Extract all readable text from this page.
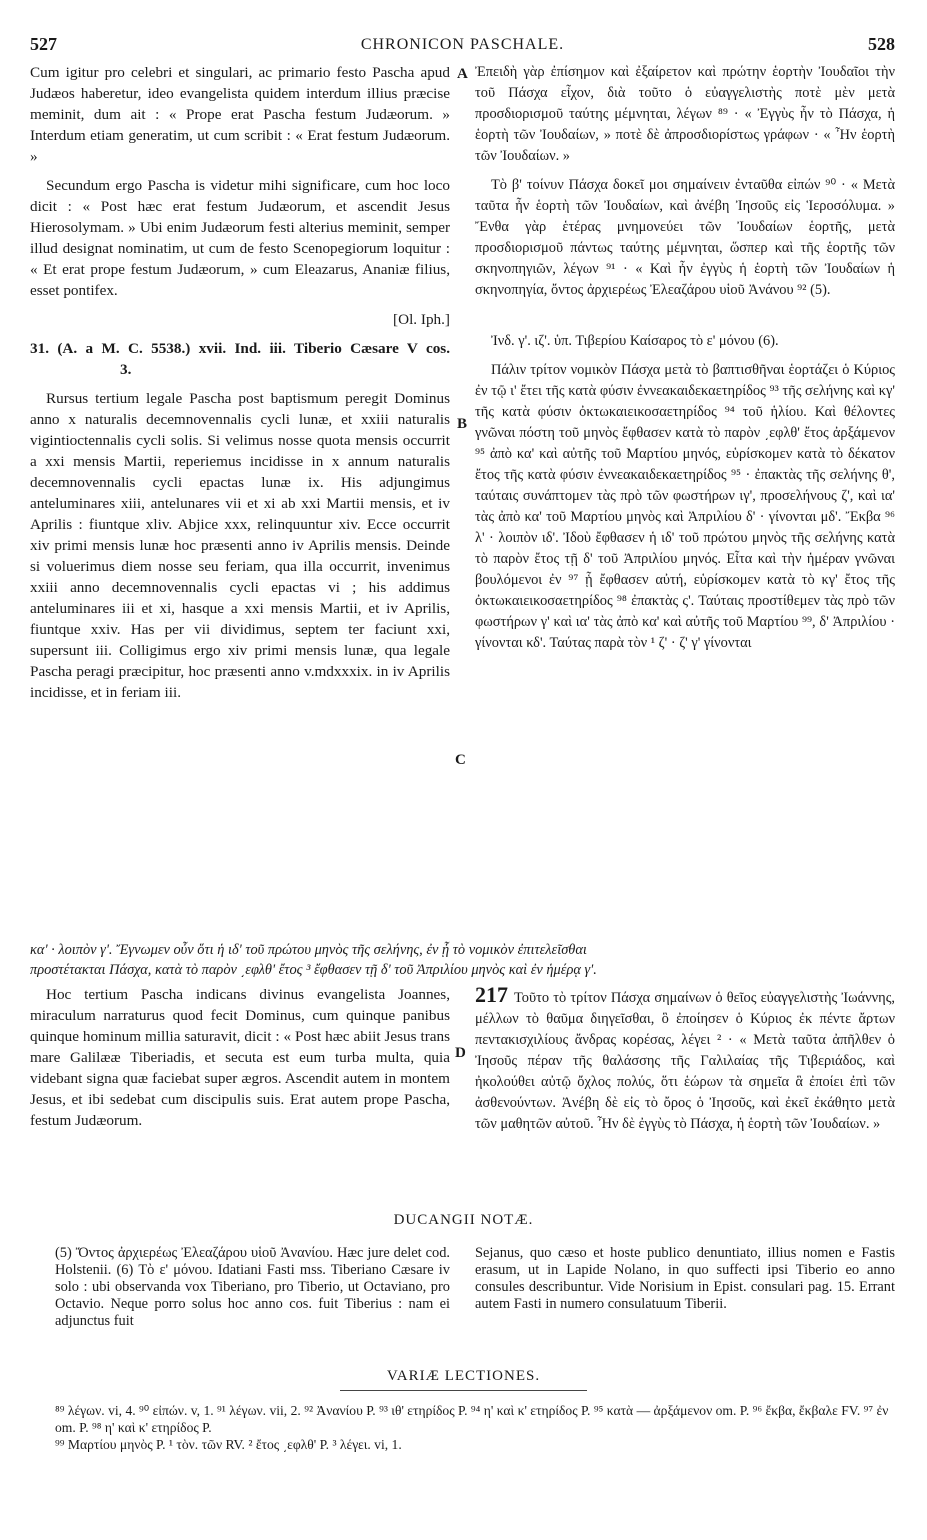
527	CHRONICON PASCHALE.	528

Cum igitur pro celebri et singulari, ac primario festo Pascha apud Judæos haberetur, ideo evangelista quidem interdum illius præcise meminit, dum ait : « Prope erat Pascha festum Judæorum. » Interdum etiam generatim, ut cum scribit : « Erat festum Judæorum. »

Secundum ergo Pascha is videtur mihi significare, cum hoc loco dicit : « Post hæc erat festum Judæorum, et ascendit Jesus Hierosolymam. » Ubi enim Judæorum festi alterius meminit, semper illud designat nominatim, ut cum de festo Scenopegiorum loquitur : « Et erat prope festum Judæorum, » cum Eleazarus, Ananiæ filius, esset pontifex.

[Ol. Iph.]

31. (A. a M. C. 5538.) xvii. Ind. iii. Tiberio Cæsare V cos. 3.

Rursus tertium legale Pascha post baptismum peregit Dominus anno x naturalis decemnovennalis cycli lunæ, et xxiii naturalis vigintioctennalis cycli solis. Si velimus nosse quota mensis occurrit a xxi mensis Martii, reperiemus incidisse in x annum naturalis decemnovennalis cycli epactas lunæ ix. His adjungimus anteluminares xiii, antelunares vii et xi ab xxi Martii mensis, et iv Aprilis : fiuntque xliv. Abjice xxx, relinquuntur xiv. Ecce occurrit xiv primi mensis lunæ hoc præsenti anno iv Aprilis mensis. Deinde si voluerimus diem nosse seu feriam, qua illa occurrit, invenimus xxiii anno decemnovennalis cycli epactas vi ; his addimus anteluminares iii et xi, hasque a xxi mensis Martii, et iv Aprilis, fiuntque xxiv. Has per vii dividimus, septem ter faciunt xxi, supersunt iii. Colligimus ergo xiv primi mensis lunæ, qua legale Pascha peragi præcipitur, hoc præsenti anno v.mdxxxix. in iv Aprilis incidisse, et in feriam iii.

Ἐπειδὴ γὰρ ἐπίσημον καὶ ἐξαίρετον καὶ πρώτην ἑορτὴν Ἰουδαῖοι τὴν τοῦ Πάσχα εἶχον, διὰ τοῦτο ὁ εὐαγγελιστὴς ποτὲ μὲν μετὰ προσδιορισμοῦ ταύτης μέμνηται, λέγων ⁸⁹ · « Ἐγγὺς ἦν τὸ Πάσχα, ἡ ἑορτὴ τῶν Ἰουδαίων, » ποτὲ δὲ ἀπροσδιορίστως γράφων · « Ἦν ἑορτὴ τῶν Ἰουδαίων. »

Τὸ β' τοίνυν Πάσχα δοκεῖ μοι σημαίνειν ἐνταῦθα εἰπών ⁹⁰ · « Μετὰ ταῦτα ἦν ἑορτὴ τῶν Ἰουδαίων, καὶ ἀνέβη Ἰησοῦς εἰς Ἱεροσόλυμα. » Ἔνθα γὰρ ἑτέρας μνημονεύει τῶν Ἰουδαίων ἑορτῆς, μετὰ προσδιορισμοῦ πάντως ταύτης μέμνηται, ὥσπερ καὶ τῆς ἑορτῆς τῶν σκηνοπηγιῶν, λέγων ⁹¹ · « Καὶ ἦν ἐγγὺς ἡ ἑορτὴ τῶν Ἰουδαίων ἡ σκηνοπηγία, ὄντος ἀρχιερέως Ἐλεαζάρου υἱοῦ Ἀνάνου ⁹² (5).

Ἰνδ. γ'. ιζ'. ὑπ. Τιβερίου Καίσαρος τὸ ε' μόνου (6).

Πάλιν τρίτον νομικὸν Πάσχα μετὰ τὸ βαπτισθῆναι ἑορτάζει ὁ Κύριος ἐν τῷ ι' ἔτει τῆς κατὰ φύσιν ἐννεακαιδεκαετηρίδος ⁹³ τῆς σελήνης καὶ κγ' τῆς κατὰ φύσιν ὀκτωκαιεικοσαετηρίδος ⁹⁴ τοῦ ἡλίου. Καὶ θέλοντες γνῶναι πόστη τοῦ μηνὸς ἔφθασεν κατὰ τὸ παρὸν ͵εφλθ' ἔτος ἀρξάμενον ⁹⁵ ἀπὸ κα' καὶ αὐτῆς τοῦ Μαρτίου μηνός, εὑρίσκομεν κατὰ τὸ δέκατον ἔτος τῆς κατὰ φύσιν ἐννεακαιδεκαετηρίδος ⁹⁵ · ἐπακτὰς τῆς σελήνης θ', ταύταις συνάπτομεν τὰς πρὸ τῶν φωστήρων ιγ', προσελήνους ζ', καὶ ια' τὰς ἀπὸ κα' τοῦ Μαρτίου μηνὸς καὶ Ἀπριλίου δ' · γίνονται μδ'. Ἔκβα ⁹⁶ λ' · λοιπὸν ιδ'. Ἰδοὺ ἔφθασεν ἡ ιδ' τοῦ πρώτου μηνὸς τῆς σελήνης κατὰ τὸ παρὸν ἔτος τῇ δ' τοῦ Ἀπριλίου μηνός. Εἶτα καὶ τὴν ἡμέραν γνῶναι βουλόμενοι ἐν ⁹⁷ ᾗ ἔφθασεν αὐτή, εὑρίσκομεν κατὰ τὸ κγ' ἔτος τῆς ὀκτωκαιεικοσαετηρίδος ⁹⁸ ἐπακτὰς ς'. Ταύταις προστίθεμεν τὰς πρὸ τῶν φωστήρων γ' καὶ ια' τὰς ἀπὸ κα' καὶ αὐτῆς τοῦ Μαρτίου ⁹⁹, δ' Ἀπριλίου · γίνονται κδ'. Ταύτας παρὰ τὸν ¹ ζ' · ζ' γ' γίνονται

A
B
C
D
κα' · λοιπὸν γ'. Ἔγνωμεν οὖν ὅτι ἡ ιδ' τοῦ πρώτου μηνὸς τῆς σελήνης, ἐν ᾗ τὸ νομικὸν ἐπιτελεῖσθαι
προστέτακται Πάσχα, κατὰ τὸ παρὸν ͵εφλθ' ἔτος ³ ἔφθασεν τῇ δ' τοῦ Ἀπριλίου μηνὸς καὶ ἐν ἡμέρᾳ γ'.

Hoc tertium Pascha indicans divinus evangelista Joannes, miraculum narraturus quod fecit Dominus, cum quinque panibus quinque hominum millia saturavit, dicit : « Post hæc abiit Jesus trans mare Galilææ Tiberiadis, et secuta est eum turba multa, quia videbant signa quæ faciebat super ægros. Ascendit autem in montem Jesus, et ibi sedebat cum discipulis suis. Erat autem prope Pascha, festum Judæorum.

217 Τοῦτο τὸ τρίτον Πάσχα σημαίνων ὁ θεῖος εὐαγγελιστὴς Ἰωάννης, μέλλων τὸ θαῦμα διηγεῖσθαι, ὃ ἐποίησεν ὁ Κύριος ἐκ πέντε ἄρτων πεντακισχιλίους ἄνδρας κορέσας, λέγει ² · « Μετὰ ταῦτα ἀπῆλθεν ὁ Ἰησοῦς πέραν τῆς θαλάσσης τῆς Γαλιλαίας τῆς Τιβεριάδος, καὶ ἠκολούθει αὐτῷ ὄχλος πολύς, ὅτι ἑώρων τὰ σημεῖα ἃ ἐποίει ἐπὶ τῶν ἀσθενούντων. Ἀνέβη δὲ εἰς τὸ ὄρος ὁ Ἰησοῦς, καὶ ἐκεῖ ἐκάθητο μετὰ τῶν μαθητῶν αὐτοῦ. Ἦν δὲ ἐγγὺς τὸ Πάσχα, ἡ ἑορτὴ τῶν Ἰουδαίων. »

DUCANGII NOTÆ.

(5) Ὄντος ἀρχιερέως Ἐλεαζάρου υἱοῦ Ἀνανίου. Hæc jure delet cod. Holstenii. (6) Τὸ ε' μόνου. Idatiani Fasti mss. Tiberiano Cæsare iv solo : ubi observanda vox Tiberiano, pro Tiberio, ut Octaviano, pro Octavio. Neque porro solus hoc anno cos. fuit Tiberius : nam ei adjunctus fuit

Sejanus, quo cæso et hoste publico denuntiato, illius nomen e Fastis erasum, ut in Lapide Nolano, in quo suffecti ipsi Tiberio eo anno consules describuntur. Vide Norisium in Epist. consulari pag. 15. Errant autem Fasti in numero consulatuum Tiberii.

VARIÆ LECTIONES.

⁸⁹ λέγων. vi, 4. ⁹⁰ εἰπών. v, 1. ⁹¹ λέγων. vii, 2. ⁹² Ἀνανίου P. ⁹³ ιθ' ετηρίδος P. ⁹⁴ η' καὶ κ' ετηρίδος P. ⁹⁵ κατὰ — ἀρξάμενον om. P. ⁹⁶ ἔκβα, ἔκβαλε FV. ⁹⁷ ἐν om. P. ⁹⁸ η' καὶ κ' ετηρίδος P.

⁹⁹ Μαρτίου μηνὸς P. ¹ τὸν. τῶν RV. ² ἔτος ͵εφλθ' P. ³ λέγει. vi, 1.
